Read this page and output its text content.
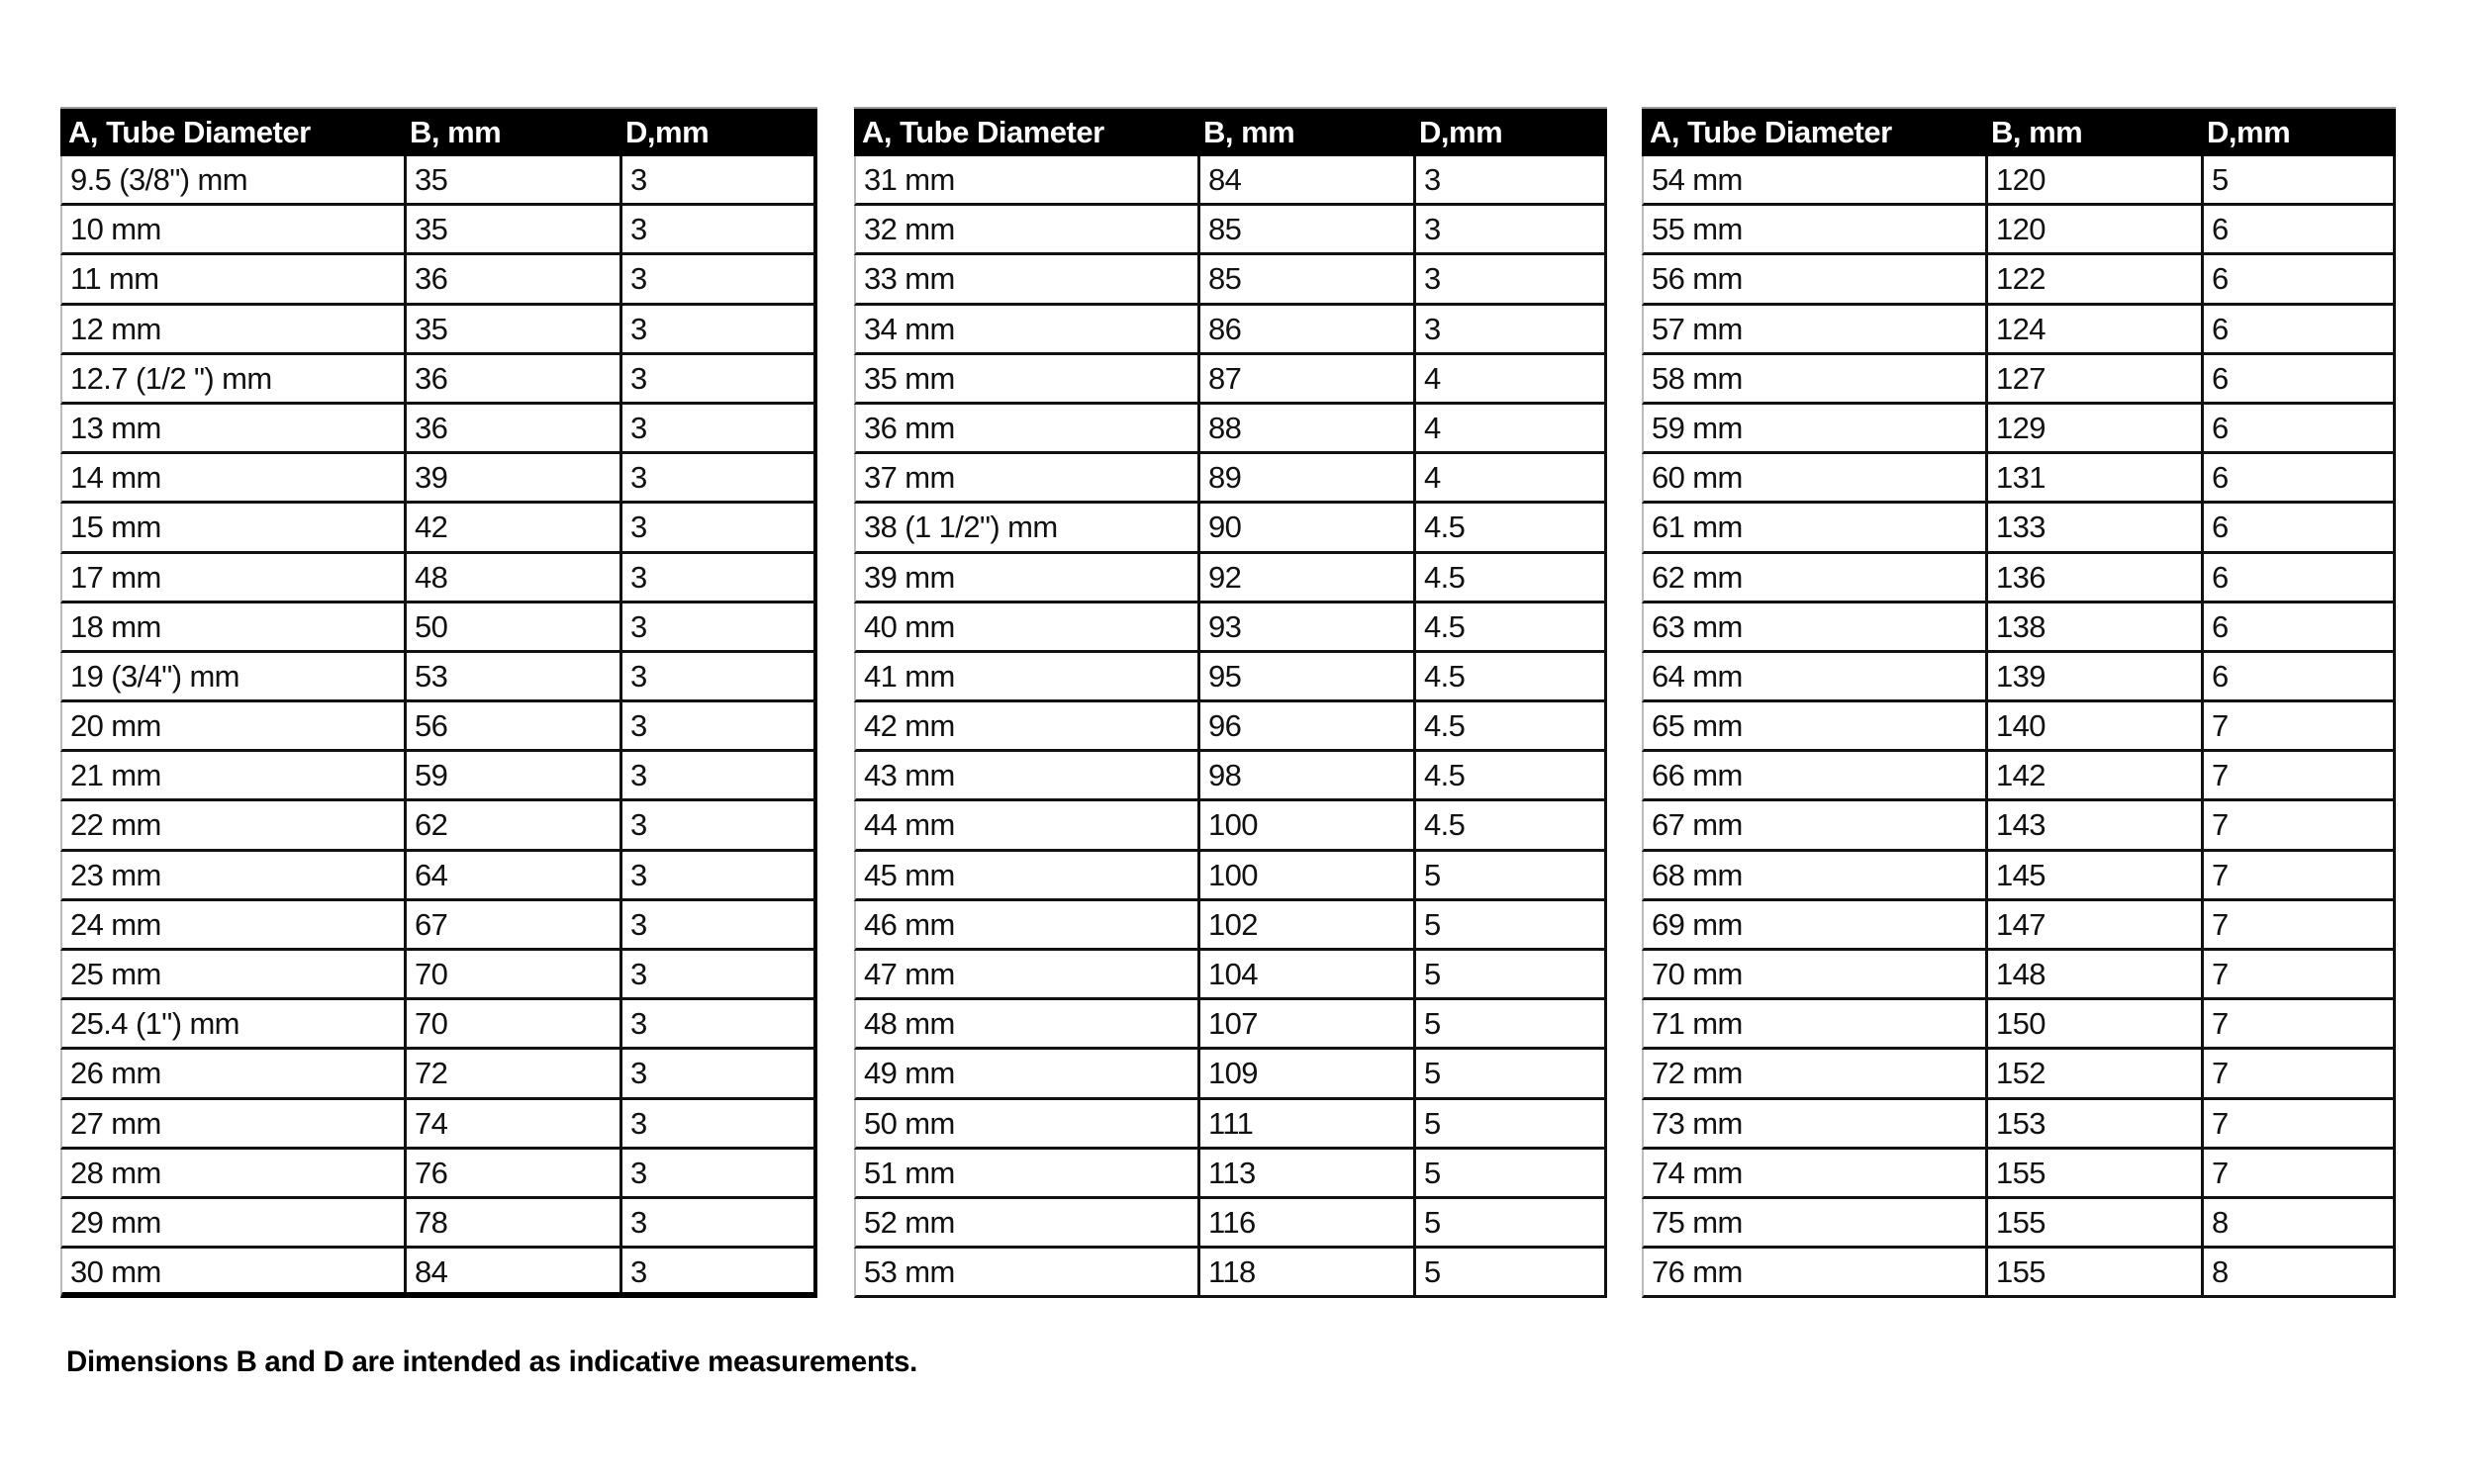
A, Tube Diameter	B, mm	D,mm
9.5 (3/8") mm	35	3
10 mm	35	3
11 mm	36	3
12 mm	35	3
12.7 (1/2 ") mm	36	3
13 mm	36	3
14 mm	39	3
15 mm	42	3
17 mm	48	3
18 mm	50	3
19 (3/4") mm	53	3
20 mm	56	3
21 mm	59	3
22 mm	62	3
23 mm	64	3
24 mm	67	3
25 mm	70	3
25.4 (1") mm	70	3
26 mm	72	3
27 mm	74	3
28 mm	76	3
29 mm	78	3
30 mm	84	3
A, Tube Diameter	B, mm	D,mm
31 mm	84	3
32 mm	85	3
33 mm	85	3
34 mm	86	3
35 mm	87	4
36 mm	88	4
37 mm	89	4
38 (1 1/2") mm	90	4.5
39 mm	92	4.5
40 mm	93	4.5
41 mm	95	4.5
42 mm	96	4.5
43 mm	98	4.5
44 mm	100	4.5
45 mm	100	5
46 mm	102	5
47 mm	104	5
48 mm	107	5
49 mm	109	5
50 mm	111	5
51 mm	113	5
52 mm	116	5
53 mm	118	5
A, Tube Diameter	B, mm	D,mm
54 mm	120	5
55 mm	120	6
56 mm	122	6
57 mm	124	6
58 mm	127	6
59 mm	129	6
60 mm	131	6
61 mm	133	6
62 mm	136	6
63 mm	138	6
64 mm	139	6
65 mm	140	7
66 mm	142	7
67 mm	143	7
68 mm	145	7
69 mm	147	7
70 mm	148	7
71 mm	150	7
72 mm	152	7
73 mm	153	7
74 mm	155	7
75 mm	155	8
76 mm	155	8
Dimensions B and D are intended as indicative measurements.
